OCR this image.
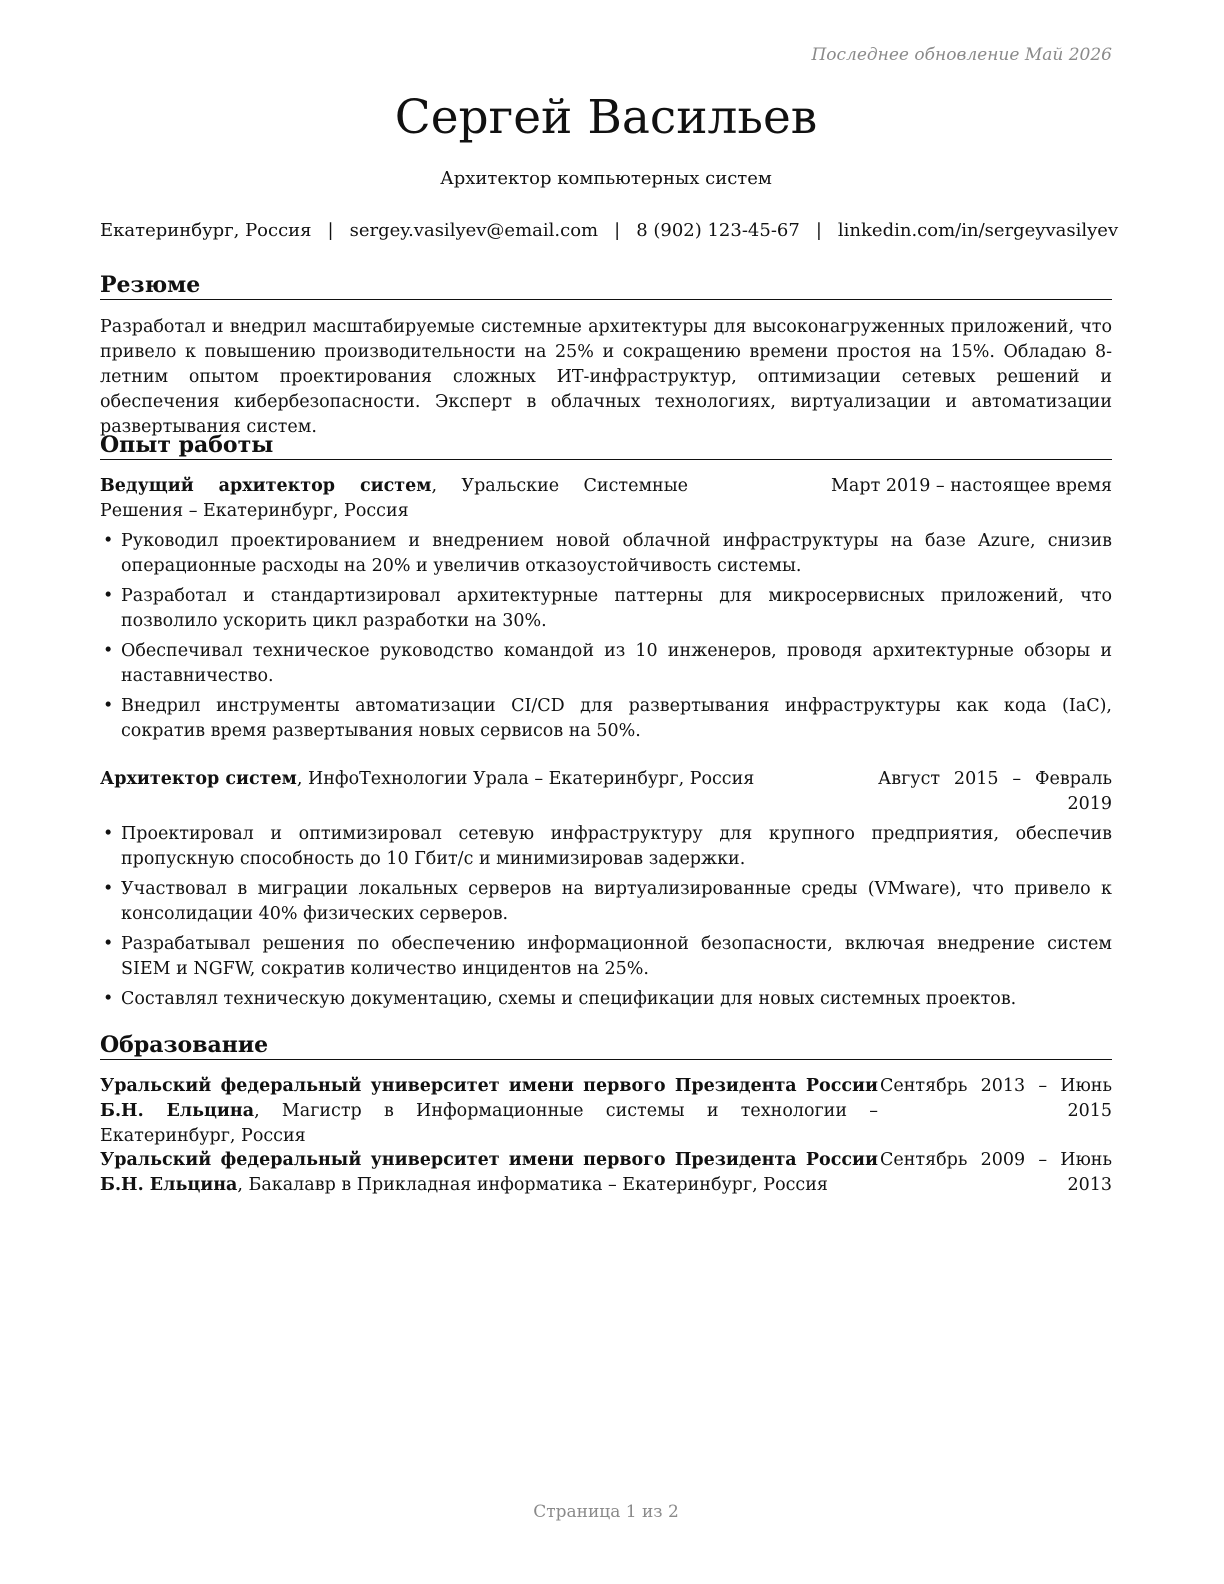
Последнее обновление Май 2026
Сергей Васильев
Архитектор компьютерных систем
Екатеринбург, Россия | sergey.vasilyev@email.com | 8 (902) 123-45-67 | linkedin.com/in/sergeyvasilyev
Резюме
Разработал и внедрил масштабируемые системные архитектуры для высоконагруженных приложений, что привело к повышению производительности на 25% и сокращению времени простоя на 15%. Обладаю 8-летним опытом проектирования сложных ИТ-инфраструктур, оптимизации сетевых решений и обеспечения кибербезопасности. Эксперт в облачных технологиях, виртуализации и автоматизации развертывания систем.
Опыт работы
Ведущий архитектор систем, Уральские Системные Решения – Екатеринбург, Россия
Март 2019 – настоящее время
• Руководил проектированием и внедрением новой облачной инфраструктуры на базе Azure, снизив операционные расходы на 20% и увеличив отказоустойчивость системы.
• Разработал и стандартизировал архитектурные паттерны для микросервисных приложений, что позволило ускорить цикл разработки на 30%.
• Обеспечивал техническое руководство командой из 10 инженеров, проводя архитектурные обзоры и наставничество.
• Внедрил инструменты автоматизации CI/CD для развертывания инфраструктуры как кода (IaC), сократив время развертывания новых сервисов на 50%.
Архитектор систем, ИнфоТехнологии Урала – Екатеринбург, Россия	Август 2015 – Февраль 2019
• Проектировал и оптимизировал сетевую инфраструктуру для крупного предприятия, обеспечив пропускную способность до 10 Гбит/с и минимизировав задержки.
• Участвовал в миграции локальных серверов на виртуализированные среды (VMware), что привело к консолидации 40% физических серверов.
• Разрабатывал решения по обеспечению информационной безопасности, включая внедрение систем SIEM и NGFW, сократив количество инцидентов на 25%.
• Составлял техническую документацию, схемы и спецификации для новых системных проектов.
Образование
Уральский федеральный университет имени первого Президента России Б.Н. Ельцина, Магистр в Информационные системы и технологии – Екатеринбург, Россия
Сентябрь 2013 – Июнь 2015
Уральский федеральный университет имени первого Президента России Б.Н. Ельцина, Бакалавр в Прикладная информатика – Екатеринбург, Россия
Сентябрь 2009 – Июнь 2013
Страница 1 из 2
